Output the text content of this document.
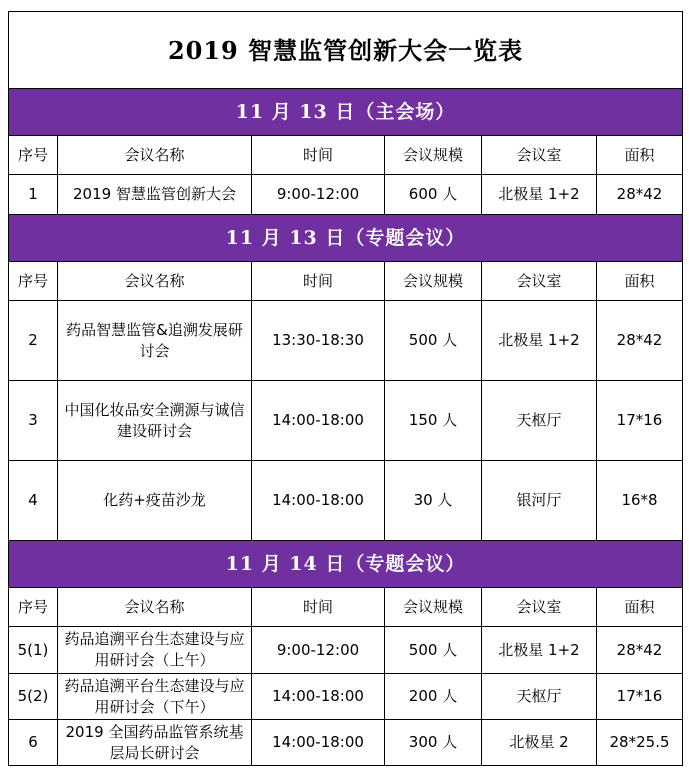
2019 智慧监管创新大会一览表					
11 月 13 日（主会场）					
序号	会议名称	时间	会议规模	会议室	面积
1	2019 智慧监管创新大会	9:00-12:00	600 人	北极星 1+2	28*42
11 月 13 日（专题会议）					
序号	会议名称	时间	会议规模	会议室	面积
2	药品智慧监管&追溯发展研讨会	13:30-18:30	500 人	北极星 1+2	28*42
3	中国化妆品安全溯源与诚信建设研讨会	14:00-18:00	150 人	天枢厅	17*16
4	化药+疫苗沙龙	14:00-18:00	30 人	银河厅	16*8
11 月 14 日（专题会议）					
序号	会议名称	时间	会议规模	会议室	面积
5(1)	药品追溯平台生态建设与应用研讨会（上午）	9:00-12:00	500 人	北极星 1+2	28*42
5(2)	药品追溯平台生态建设与应用研讨会（下午）	14:00-18:00	200 人	天枢厅	17*16
6	2019 全国药品监管系统基层局长研讨会	14:00-18:00	300 人	北极星 2	28*25.5
